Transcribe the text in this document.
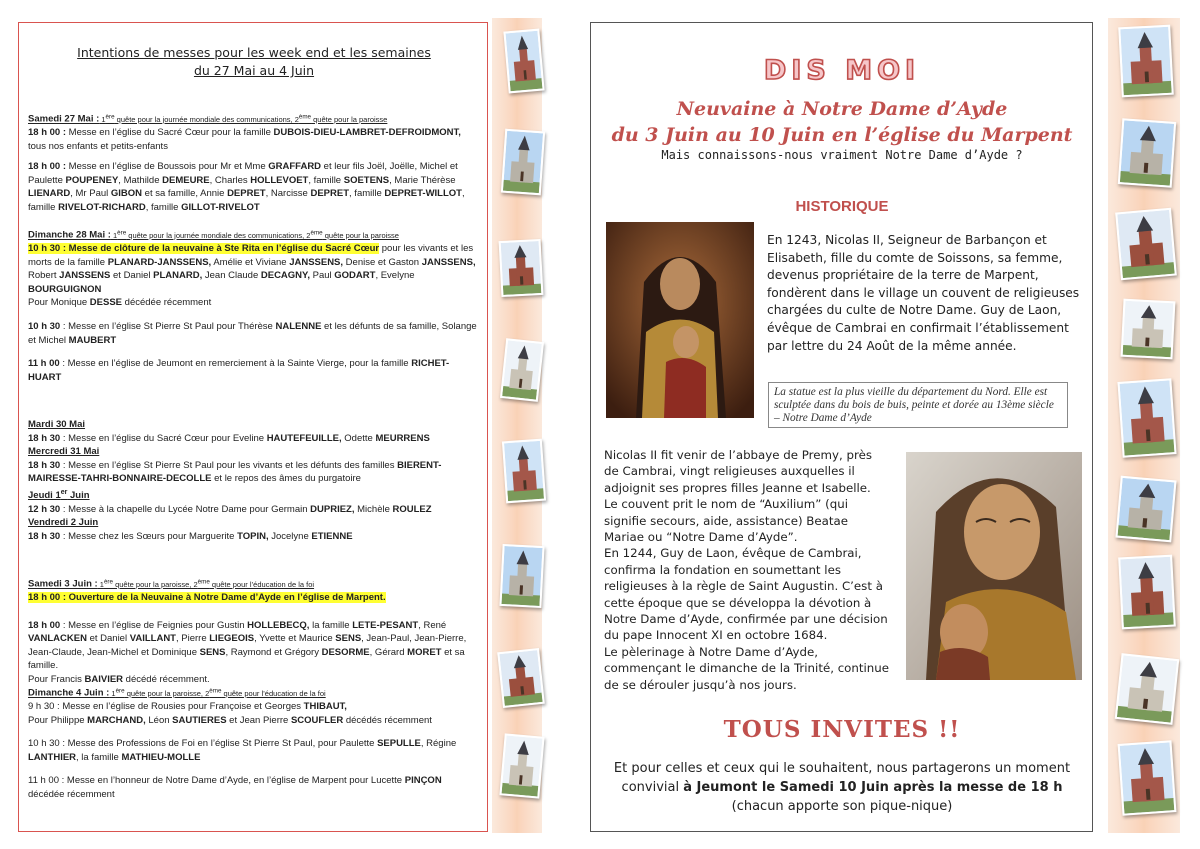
Intentions de messes pour les week end et les semaines
du 27 Mai au 4 Juin

Samedi 27 Mai : 1ère quête pour la journée mondiale des communications, 2ème quête pour la paroisse

18 h 00 : Messe en l’église du Sacré Cœur pour la famille DUBOIS-DIEU-LAMBRET-DEFROIDMONT,
tous nos enfants et petits-enfants

18 h 00 : Messe en l’église de Boussois pour Mr et Mme GRAFFARD et leur fils Joël, Joëlle, Michel et Paulette POUPENEY, Mathilde DEMEURE, Charles HOLLEVOET, famille SOETENS, Marie Thérèse LIENARD, Mr Paul GIBON et sa famille, Annie DEPRET, Narcisse DEPRET, famille DEPRET-WILLOT, famille RIVELOT-RICHARD, famille GILLOT-RIVELOT

Dimanche 28 Mai : 1ère quête pour la journée mondiale des communications, 2ème quête pour la paroisse

10 h 30 : Messe de clôture de la neuvaine à Ste Rita en l’église du Sacré Cœur pour les vivants et les morts de la famille PLANARD-JANSSENS, Amélie et Viviane JANSSENS, Denise et Gaston JANSSENS, Robert JANSSENS et Daniel PLANARD, Jean Claude DECAGNY, Paul GODART, Evelyne BOURGUIGNON
Pour Monique DESSE décédée récemment

10 h 30 : Messe en l’église St Pierre St Paul pour Thérèse NALENNE et les défunts de sa famille, Solange et Michel MAUBERT

11 h 00 : Messe en l’église de Jeumont en remerciement à la Sainte Vierge, pour la famille RICHET-HUART

Mardi 30 Mai

18 h 30 : Messe en l’église du Sacré Cœur pour Eveline HAUTEFEUILLE, Odette MEURRENS

Mercredi 31 Mai

18 h 30 : Messe en l’église St Pierre St Paul pour les vivants et les défunts des familles BIERENT-MAIRESSE-TAHRI-BONNAIRE-DECOLLE et le repos des âmes du purgatoire

Jeudi 1er Juin

12 h 30 : Messe à la chapelle du Lycée Notre Dame pour Germain DUPRIEZ, Michèle ROULEZ

Vendredi 2 Juin

18 h 30 : Messe chez les Sœurs pour Marguerite TOPIN, Jocelyne ETIENNE

Samedi 3 Juin : 1ère quête pour la paroisse, 2ème quête pour l’éducation de la foi

18 h 00 : Ouverture de la Neuvaine à Notre Dame d’Ayde en l’église de Marpent.

18 h 00 : Messe en l’église de Feignies pour Gustin HOLLEBECQ, la famille LETE-PESANT, René VANLACKEN et Daniel VAILLANT, Pierre LIEGEOIS, Yvette et Maurice SENS, Jean-Paul, Jean-Pierre, Jean-Claude, Jean-Michel et Dominique SENS, Raymond et Grégory DESORME, Gérard MORET et sa famille.
Pour Francis BAIVIER décédé récemment.

Dimanche 4 Juin : 1ère quête pour la paroisse, 2ème quête pour l’éducation de la foi

9 h 30 : Messe en l’église de Rousies pour Françoise et Georges THIBAUT,
Pour Philippe MARCHAND, Léon SAUTIERES et Jean Pierre SCOUFLER décédés récemment

10 h 30 : Messe des Professions de Foi en l’église St Pierre St Paul, pour Paulette SEPULLE, Régine LANTHIER, la famille MATHIEU-MOLLE

11 h 00 : Messe en l’honneur de Notre Dame d’Ayde, en l’église de Marpent pour Lucette PINÇON
décédée récemment

DIS MOI
Neuvaine à Notre Dame d’Ayde
du 3 Juin au 10 Juin en l’église du Marpent
Mais connaissons-nous vraiment Notre Dame d’Ayde ?
HISTORIQUE
En 1243, Nicolas II, Seigneur de Barbançon et Elisabeth, fille du comte de Soissons, sa femme, devenus propriétaire de la terre de Marpent, fondèrent dans le village un couvent de religieuses chargées du culte de Notre Dame. Guy de Laon, évêque de Cambrai en confirmait l’établissement par lettre du 24 Août de la même année.
La statue est la plus vieille du département du Nord. Elle est sculptée dans du bois de buis, peinte et dorée au 13ème siècle – Notre Dame d’Ayde

Nicolas II fit venir de l’abbaye de Premy, près de Cambrai, vingt religieuses auxquelles il adjoignit ses propres filles Jeanne et Isabelle.

Le couvent prit le nom de “Auxilium” (qui signifie secours, aide, assistance) Beatae Mariae ou “Notre Dame d’Ayde”.

En 1244, Guy de Laon, évêque de Cambrai, confirma la fondation en soumettant les religieuses à la règle de Saint Augustin. C’est à cette époque que se développa la dévotion à Notre Dame d’Ayde, confirmée par une décision du pape Innocent XI en octobre 1684.

Le pèlerinage à Notre Dame d’Ayde, commençant le dimanche de la Trinité, continue de se dérouler jusqu’à nos jours.

TOUS INVITES !!
Et pour celles et ceux qui le souhaitent, nous partagerons un moment
convivial à Jeumont le Samedi 10 Juin après la messe de 18 h
(chacun apporte son pique-nique)
